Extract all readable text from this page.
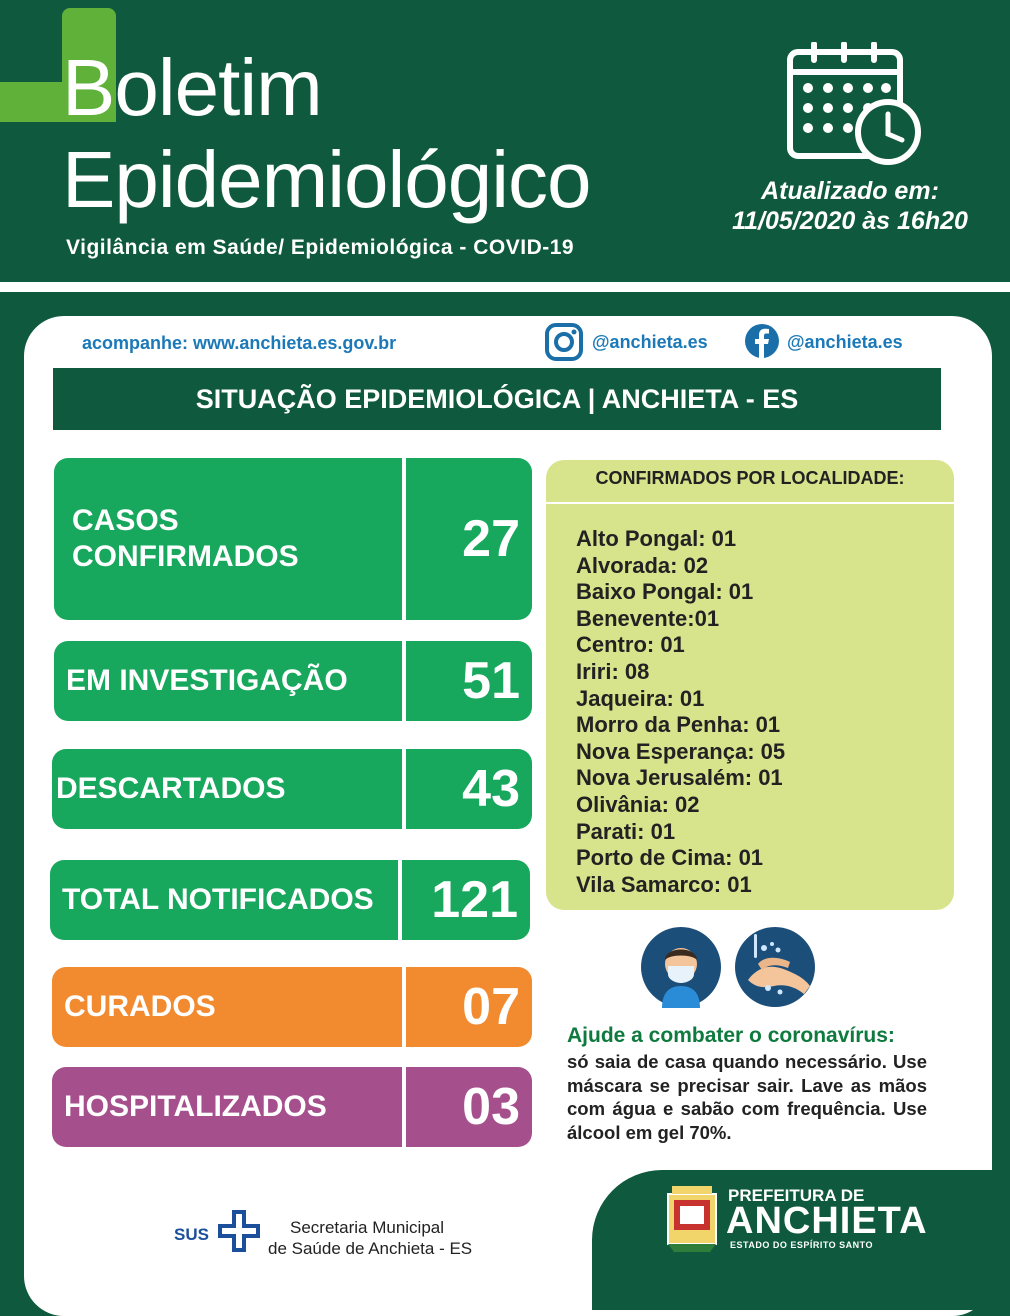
Boletim
Epidemiológico
Vigilância em Saúde/ Epidemiológica - COVID-19
Atualizado em:
11/05/2020 às 16h20
acompanhe: www.anchieta.es.gov.br	@anchieta.es	@anchieta.es
SITUAÇÃO EPIDEMIOLÓGICA | ANCHIETA - ES
CASOS
CONFIRMADOS	27
EM INVESTIGAÇÃO	51
DESCARTADOS	43
TOTAL NOTIFICADOS	121
CURADOS	07
HOSPITALIZADOS	03
CONFIRMADOS POR LOCALIDADE:
Alto Pongal: 01
Alvorada: 02
Baixo Pongal: 01
Benevente:01
Centro: 01
Iriri: 08
Jaqueira: 01
Morro da Penha: 01
Nova Esperança: 05
Nova Jerusalém: 01
Olivânia: 02
Parati: 01
Porto de Cima: 01
Vila Samarco: 01
Ajude a combater o coronavírus:
só saia de casa quando necessário. Use máscara se precisar sair. Lave as mãos com água e sabão com frequência. Use álcool em gel 70%.
SUS	Secretaria Municipal
de Saúde de Anchieta - ES
PREFEITURA DE
ANCHIETA
ESTADO DO ESPÍRITO SANTO
